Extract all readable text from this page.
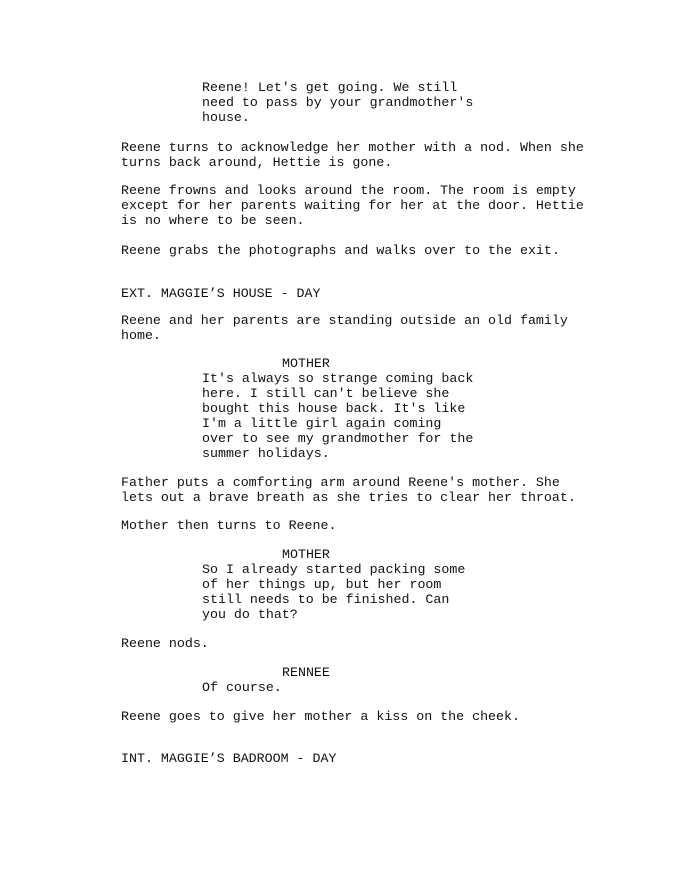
Reene! Let's get going. We still
need to pass by your grandmother's
house.
Reene turns to acknowledge her mother with a nod. When she
turns back around, Hettie is gone.
Reene frowns and looks around the room. The room is empty
except for her parents waiting for her at the door. Hettie
is no where to be seen.
Reene grabs the photographs and walks over to the exit.
EXT. MAGGIE’S HOUSE - DAY
Reene and her parents are standing outside an old family
home.
MOTHER
It's always so strange coming back
here. I still can't believe she
bought this house back. It's like
I'm a little girl again coming
over to see my grandmother for the
summer holidays.
Father puts a comforting arm around Reene's mother. She
lets out a brave breath as she tries to clear her throat.
Mother then turns to Reene.
MOTHER
So I already started packing some
of her things up, but her room
still needs to be finished. Can
you do that?
Reene nods.
RENNEE
Of course.
Reene goes to give her mother a kiss on the cheek.
INT. MAGGIE’S BADROOM - DAY
